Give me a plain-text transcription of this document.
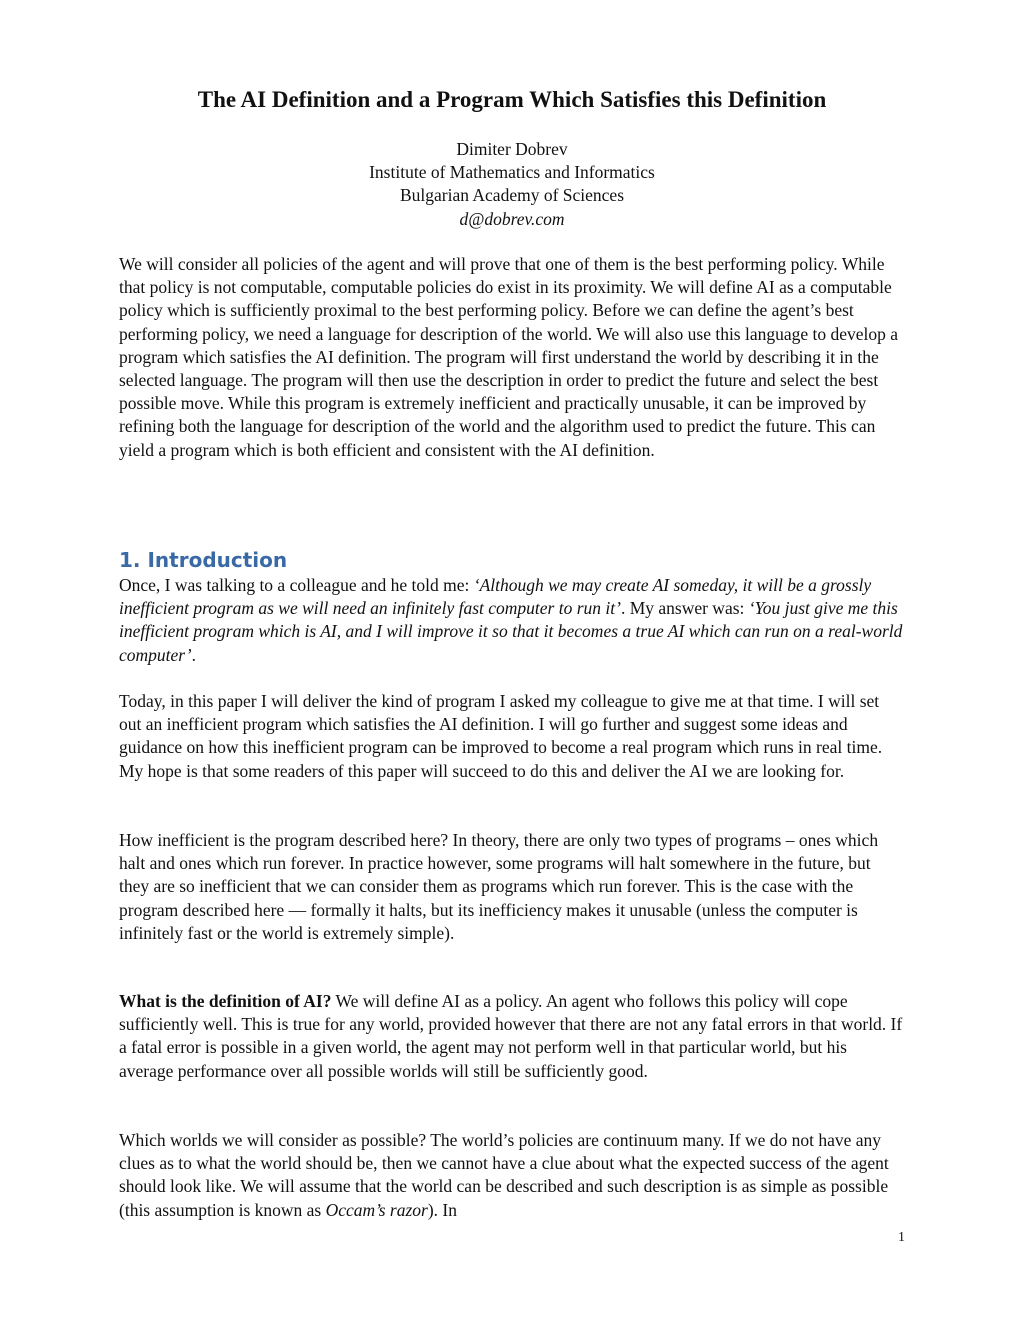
The AI Definition and a Program Which Satisfies this Definition
Dimiter Dobrev
Institute of Mathematics and Informatics
Bulgarian Academy of Sciences
d@dobrev.com

We will consider all policies of the agent and will prove that one of them is the best performing policy. While that policy is not computable, computable policies do exist in its proximity. We will define AI as a computable policy which is sufficiently proximal to the best performing policy. Before we can define the agent’s best performing policy, we need a language for description of the world. We will also use this language to develop a program which satisfies the AI definition. The program will first understand the world by describing it in the selected language. The program will then use the description in order to predict the future and select the best possible move. While this program is extremely inefficient and practically unusable, it can be improved by refining both the language for description of the world and the algorithm used to predict the future. This can yield a program which is both efficient and consistent with the AI definition.

1. Introduction

Once, I was talking to a colleague and he told me: ‘Although we may create AI someday, it will be a grossly inefficient program as we will need an infinitely fast computer to run it’. My answer was: ‘You just give me this inefficient program which is AI, and I will improve it so that it becomes a true AI which can run on a real-world computer’.

Today, in this paper I will deliver the kind of program I asked my colleague to give me at that time. I will set out an inefficient program which satisfies the AI definition. I will go further and suggest some ideas and guidance on how this inefficient program can be improved to become a real program which runs in real time. My hope is that some readers of this paper will succeed to do this and deliver the AI we are looking for.

How inefficient is the program described here? In theory, there are only two types of programs – ones which halt and ones which run forever. In practice however, some programs will halt somewhere in the future, but they are so inefficient that we can consider them as programs which run forever. This is the case with the program described here — formally it halts, but its inefficiency makes it unusable (unless the computer is infinitely fast or the world is extremely simple).

What is the definition of AI? We will define AI as a policy. An agent who follows this policy will cope sufficiently well. This is true for any world, provided however that there are not any fatal errors in that world. If a fatal error is possible in a given world, the agent may not perform well in that particular world, but his average performance over all possible worlds will still be sufficiently good.

Which worlds we will consider as possible? The world’s policies are continuum many. If we do not have any clues as to what the world should be, then we cannot have a clue about what the expected success of the agent should look like. We will assume that the world can be described and such description is as simple as possible (this assumption is known as Occam’s razor). In

1
